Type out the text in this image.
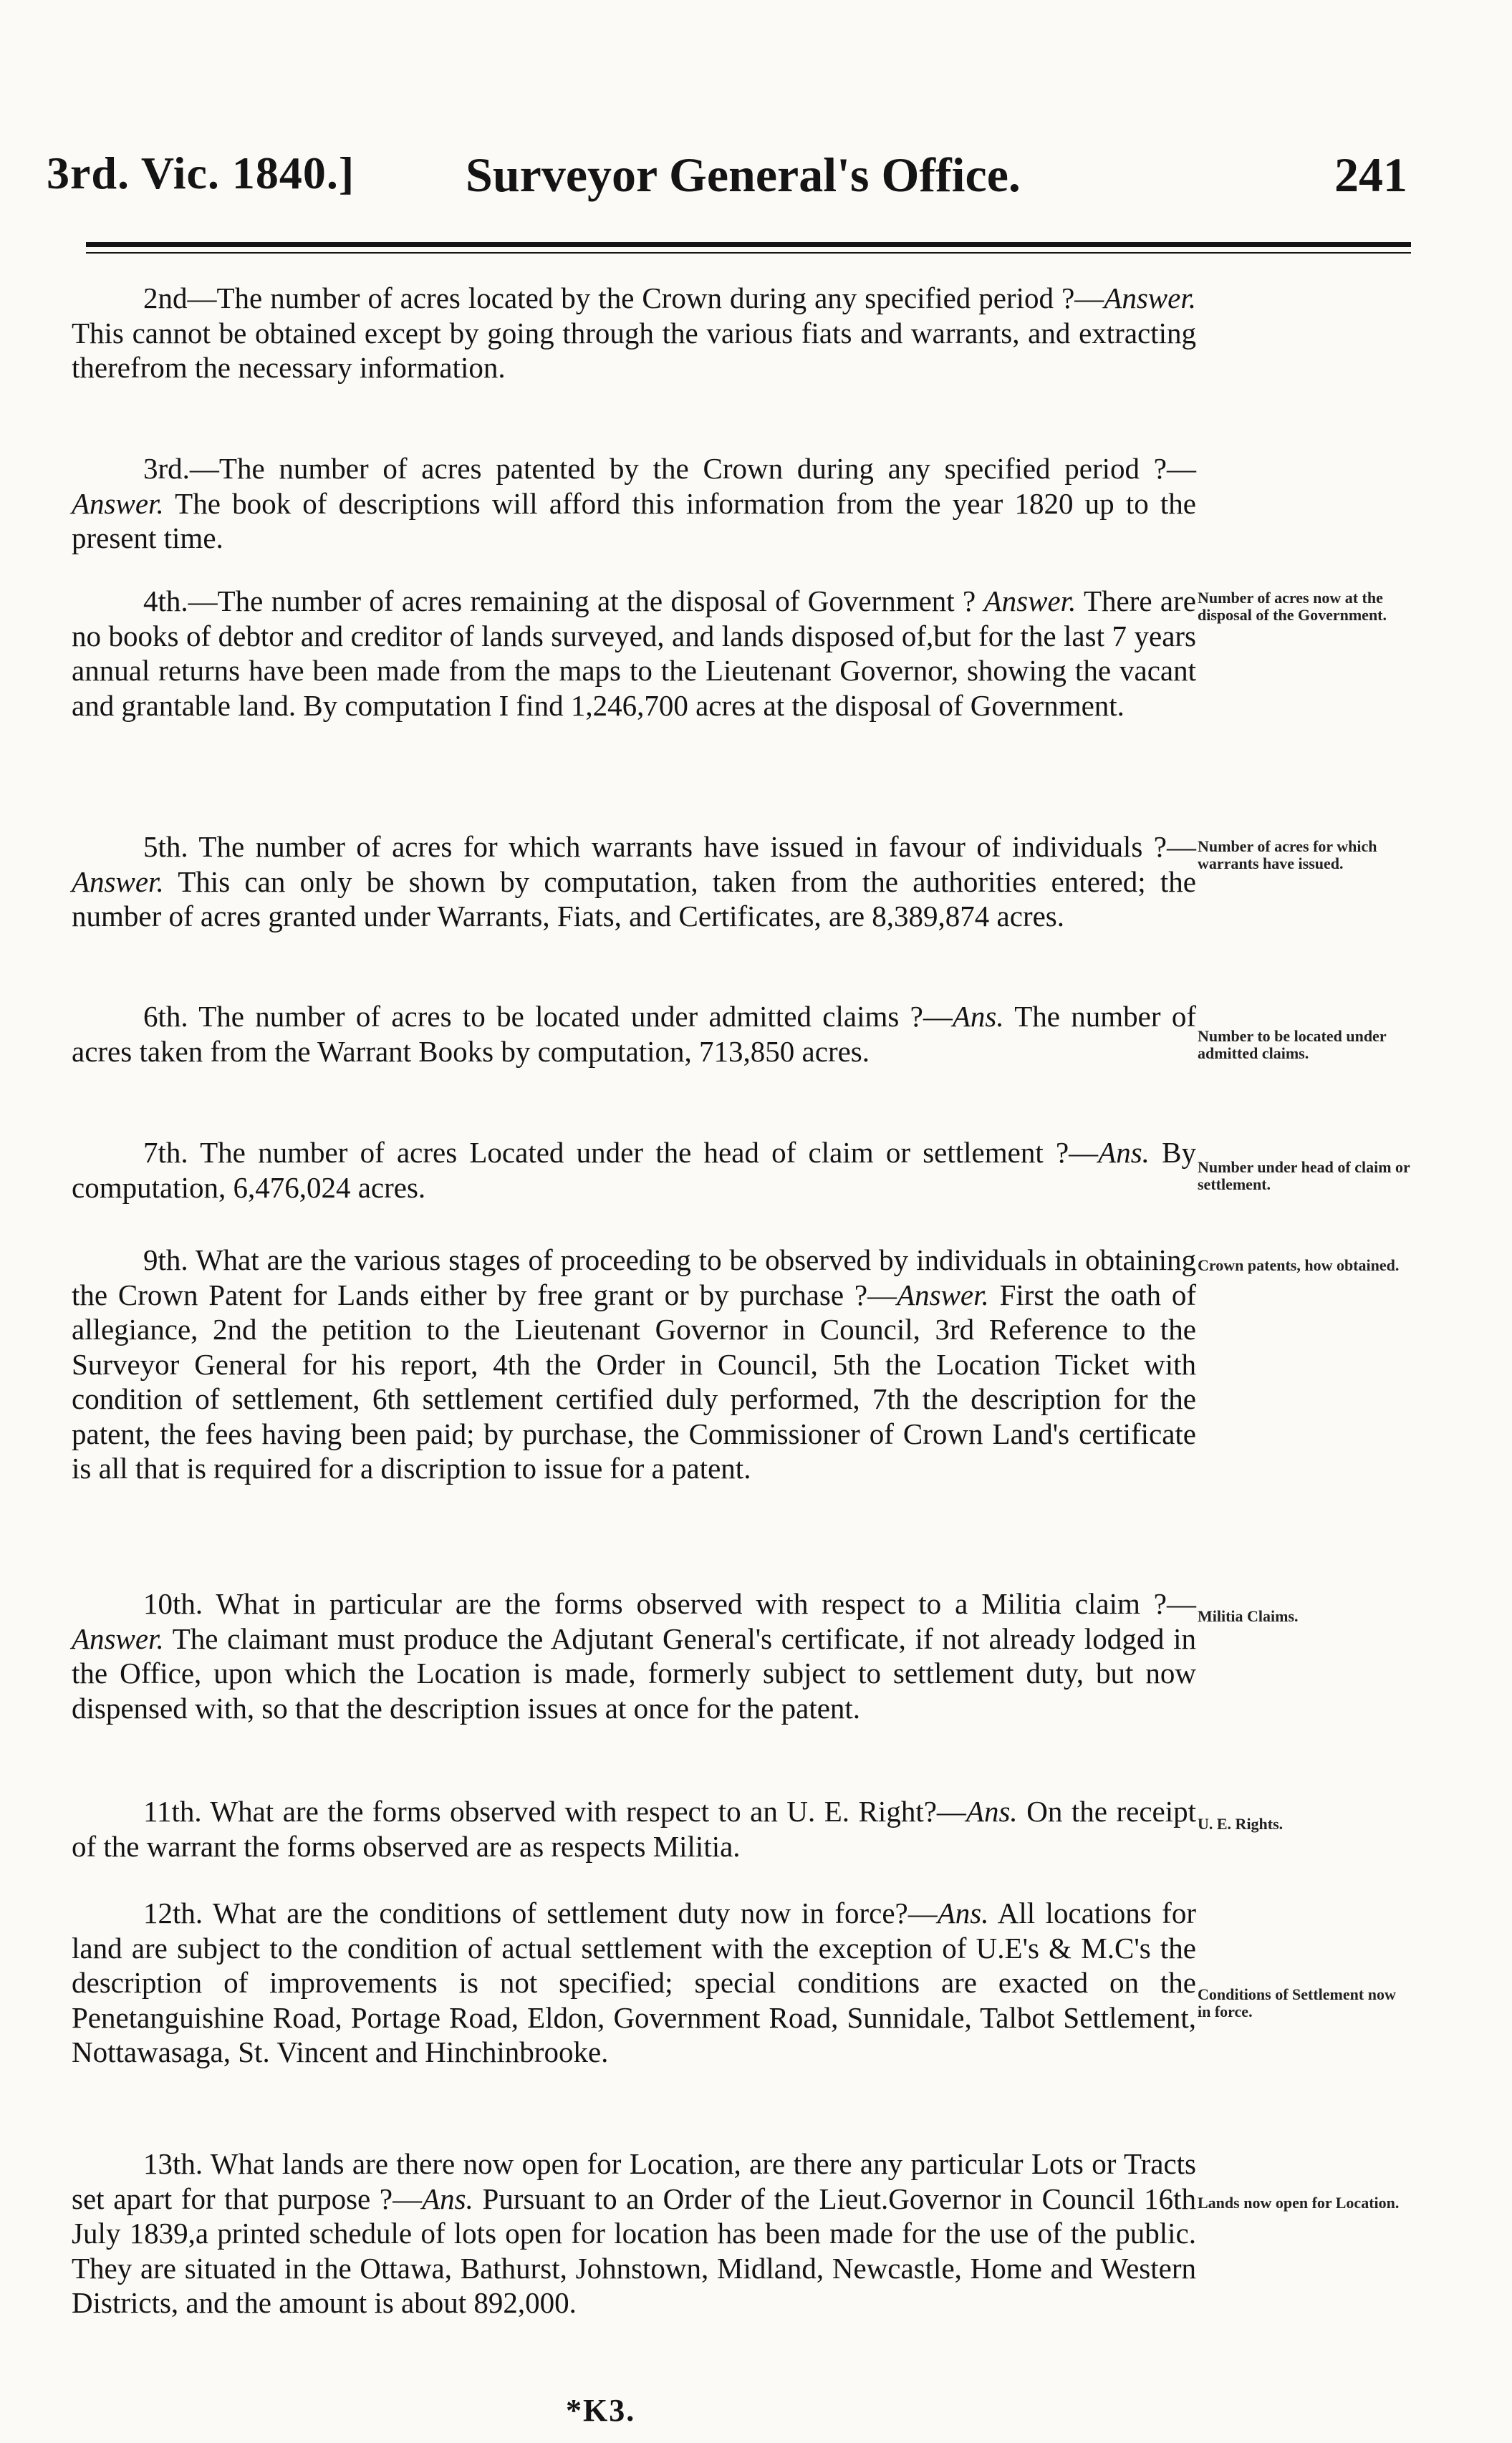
3rd. Vic. 1840.] Surveyor General's Office.	241

2nd—The number of acres located by the Crown during any specified period ?—Answer. This cannot be obtained except by going through the various fiats and warrants, and extracting therefrom the necessary information.

3rd.—The number of acres patented by the Crown during any specified period ?—Answer. The book of descriptions will afford this information from the year 1820 up to the present time.

4th.—The number of acres remaining at the disposal of Government ? Answer. There are no books of debtor and creditor of lands surveyed, and lands disposed of,but for the last 7 years annual returns have been made from the maps to the Lieutenant Governor, showing the vacant and grantable land. By computation I find 1,246,700 acres at the disposal of Government.

5th. The number of acres for which warrants have issued in favour of individuals ?—Answer. This can only be shown by computation, taken from the authorities entered; the number of acres granted under Warrants, Fiats, and Certificates, are 8,389,874 acres.

6th. The number of acres to be located under admitted claims ?—Ans. The number of acres taken from the Warrant Books by computation, 713,850 acres.

7th. The number of acres Located under the head of claim or settlement ?—Ans. By computation, 6,476,024 acres.

9th. What are the various stages of proceeding to be observed by individuals in obtaining the Crown Patent for Lands either by free grant or by purchase ?—Answer. First the oath of allegiance, 2nd the petition to the Lieutenant Governor in Council, 3rd Reference to the Surveyor General for his report, 4th the Order in Council, 5th the Location Ticket with condition of settlement, 6th settlement certified duly performed, 7th the description for the patent, the fees having been paid; by purchase, the Commissioner of Crown Land's certificate is all that is required for a discription to issue for a patent.

10th. What in particular are the forms observed with respect to a Militia claim ?—Answer. The claimant must produce the Adjutant General's certificate, if not already lodged in the Office, upon which the Location is made, formerly subject to settlement duty, but now dispensed with, so that the description issues at once for the patent.

11th. What are the forms observed with respect to an U. E. Right?—Ans. On the receipt of the warrant the forms observed are as respects Militia.

12th. What are the conditions of settlement duty now in force?—Ans. All locations for land are subject to the condition of actual settlement with the exception of U.E's & M.C's the description of improvements is not specified; special conditions are exacted on the Penetanguishine Road, Portage Road, Eldon, Government Road, Sunnidale, Talbot Settlement, Nottawasaga, St. Vincent and Hinchinbrooke.

13th. What lands are there now open for Location, are there any particular Lots or Tracts set apart for that purpose ?—Ans. Pursuant to an Order of the Lieut.Governor in Council 16th July 1839,a printed schedule of lots open for location has been made for the use of the public. They are situated in the Ottawa, Bathurst, Johnstown, Midland, Newcastle, Home and Western Districts, and the amount is about 892,000.

Number of acres now at the disposal of the Government.
Number of acres for which warrants have issued.
Number to be located under admitted claims.
Number under head of claim or settlement.
Crown patents, how obtained.
Militia Claims.
U. E. Rights.
Conditions of Settlement now in force.
Lands now open for Location.
*K3.
